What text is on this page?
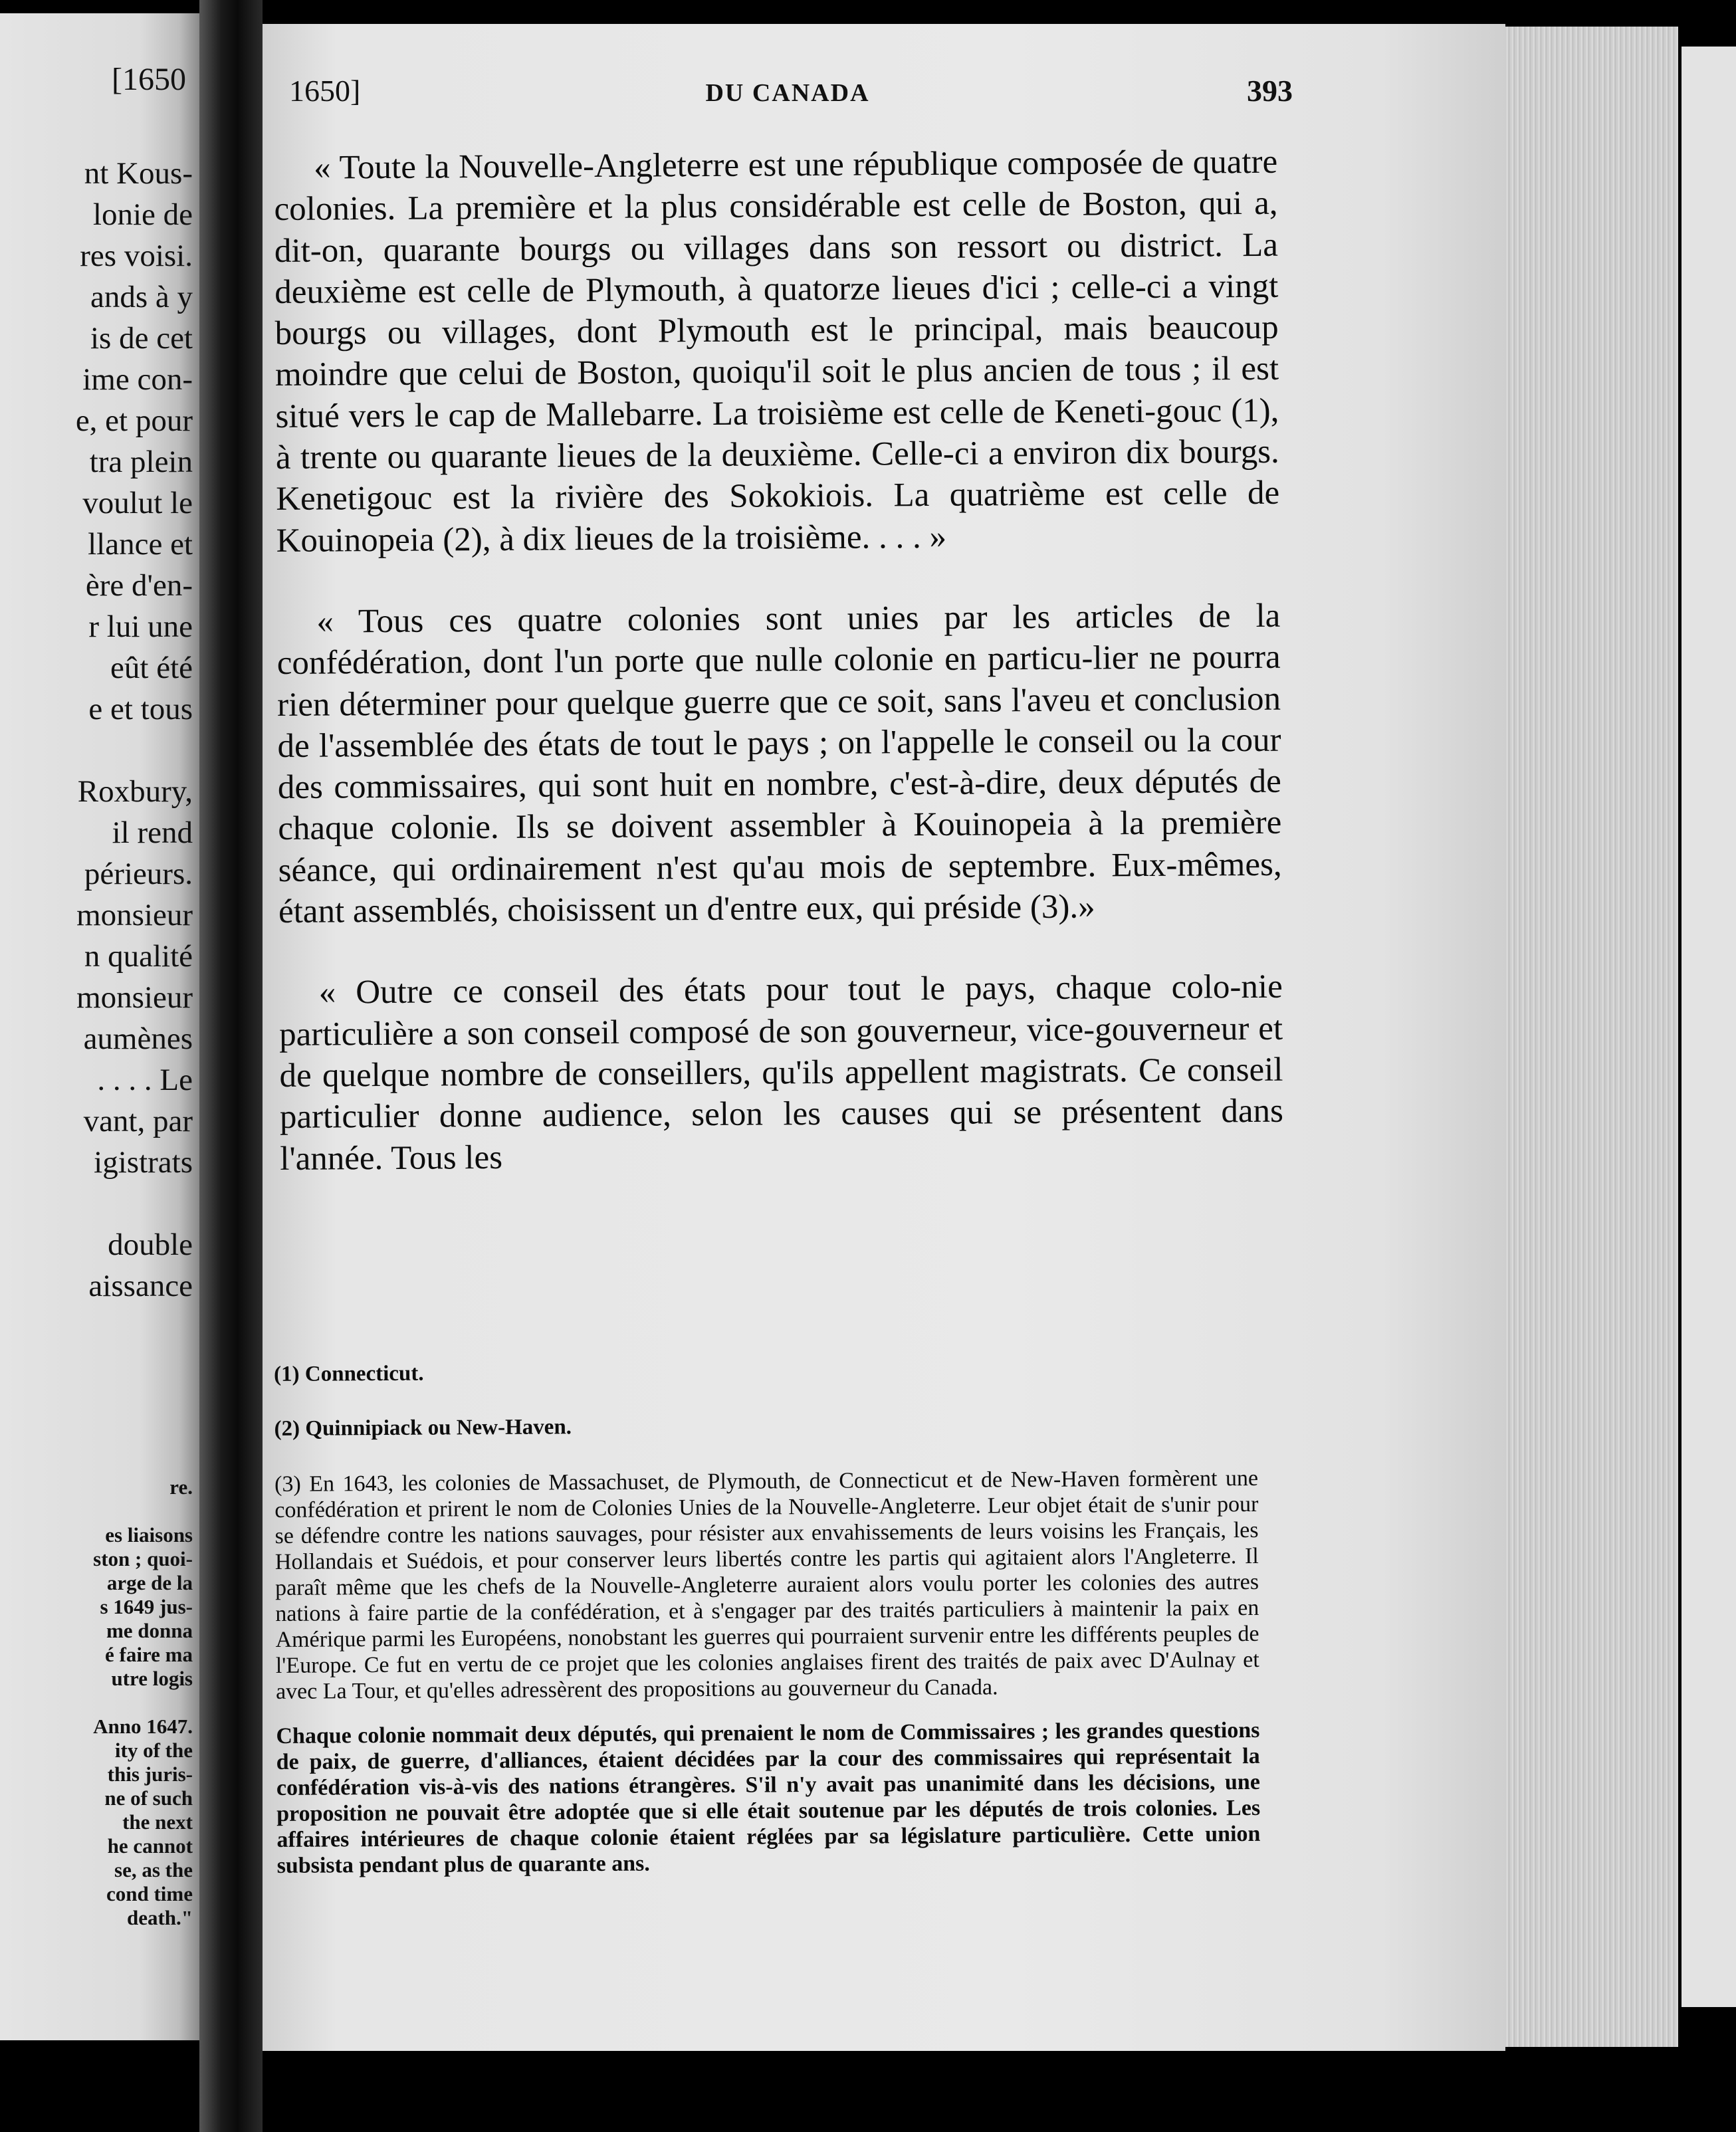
[1650
nt Kous-
lonie de
res voisi.
ands à y
is de cet
ime con-
e, et pour
tra plein
voulut le
llance et
ère d'en-
r lui une
eût été
e et tous
Roxbury,
il rend
périeurs.
monsieur
n qualité
monsieur
aumènes
. . . . Le
vant, par
igistrats
double
aissance
re.
es liaisons
ston ; quoi-
arge de la
s 1649 jus-
me donna
é faire ma
utre logis
Anno 1647.
ity of the
this juris-
ne of such
the next
he cannot
se, as the
cond time
death."
1650]	DU CANADA	393

« Toute la Nouvelle-Angleterre est une république composée de quatre colonies. La première et la plus considérable est celle de Boston, qui a, dit-on, quarante bourgs ou villages dans son ressort ou district. La deuxième est celle de Plymouth, à quatorze lieues d'ici ; celle-ci a vingt bourgs ou villages, dont Plymouth est le principal, mais beaucoup moindre que celui de Boston, quoiqu'il soit le plus ancien de tous ; il est situé vers le cap de Mallebarre. La troisième est celle de Keneti-gouc (1), à trente ou quarante lieues de la deuxième. Celle-ci a environ dix bourgs. Kenetigouc est la rivière des Sokokiois. La quatrième est celle de Kouinopeia (2), à dix lieues de la troisième. . . . »

« Tous ces quatre colonies sont unies par les articles de la confédération, dont l'un porte que nulle colonie en particu-lier ne pourra rien déterminer pour quelque guerre que ce soit, sans l'aveu et conclusion de l'assemblée des états de tout le pays ; on l'appelle le conseil ou la cour des commissaires, qui sont huit en nombre, c'est-à-dire, deux députés de chaque colonie. Ils se doivent assembler à Kouinopeia à la première séance, qui ordinairement n'est qu'au mois de septembre. Eux-mêmes, étant assemblés, choisissent un d'entre eux, qui préside (3).»

« Outre ce conseil des états pour tout le pays, chaque colo-nie particulière a son conseil composé de son gouverneur, vice-gouverneur et de quelque nombre de conseillers, qu'ils appellent magistrats. Ce conseil particulier donne audience, selon les causes qui se présentent dans l'année. Tous les

(1) Connecticut.

(2) Quinnipiack ou New-Haven.

(3) En 1643, les colonies de Massachuset, de Plymouth, de Connecticut et de New-Haven formèrent une confédération et prirent le nom de Colonies Unies de la Nouvelle-Angleterre. Leur objet était de s'unir pour se défendre contre les nations sauvages, pour résister aux envahissements de leurs voisins les Français, les Hollandais et Suédois, et pour conserver leurs libertés contre les partis qui agitaient alors l'Angleterre. Il paraît même que les chefs de la Nouvelle-Angleterre auraient alors voulu porter les colonies des autres nations à faire partie de la confédération, et à s'engager par des traités particuliers à maintenir la paix en Amérique parmi les Européens, nonobstant les guerres qui pourraient survenir entre les différents peuples de l'Europe. Ce fut en vertu de ce projet que les colonies anglaises firent des traités de paix avec D'Aulnay et avec La Tour, et qu'elles adressèrent des propositions au gouverneur du Canada.

Chaque colonie nommait deux députés, qui prenaient le nom de Commissaires ; les grandes questions de paix, de guerre, d'alliances, étaient décidées par la cour des commissaires qui représentait la confédération vis-à-vis des nations étrangères. S'il n'y avait pas unanimité dans les décisions, une proposition ne pouvait être adoptée que si elle était soutenue par les députés de trois colonies. Les affaires intérieures de chaque colonie étaient réglées par sa législature particulière. Cette union subsista pendant plus de quarante ans.
